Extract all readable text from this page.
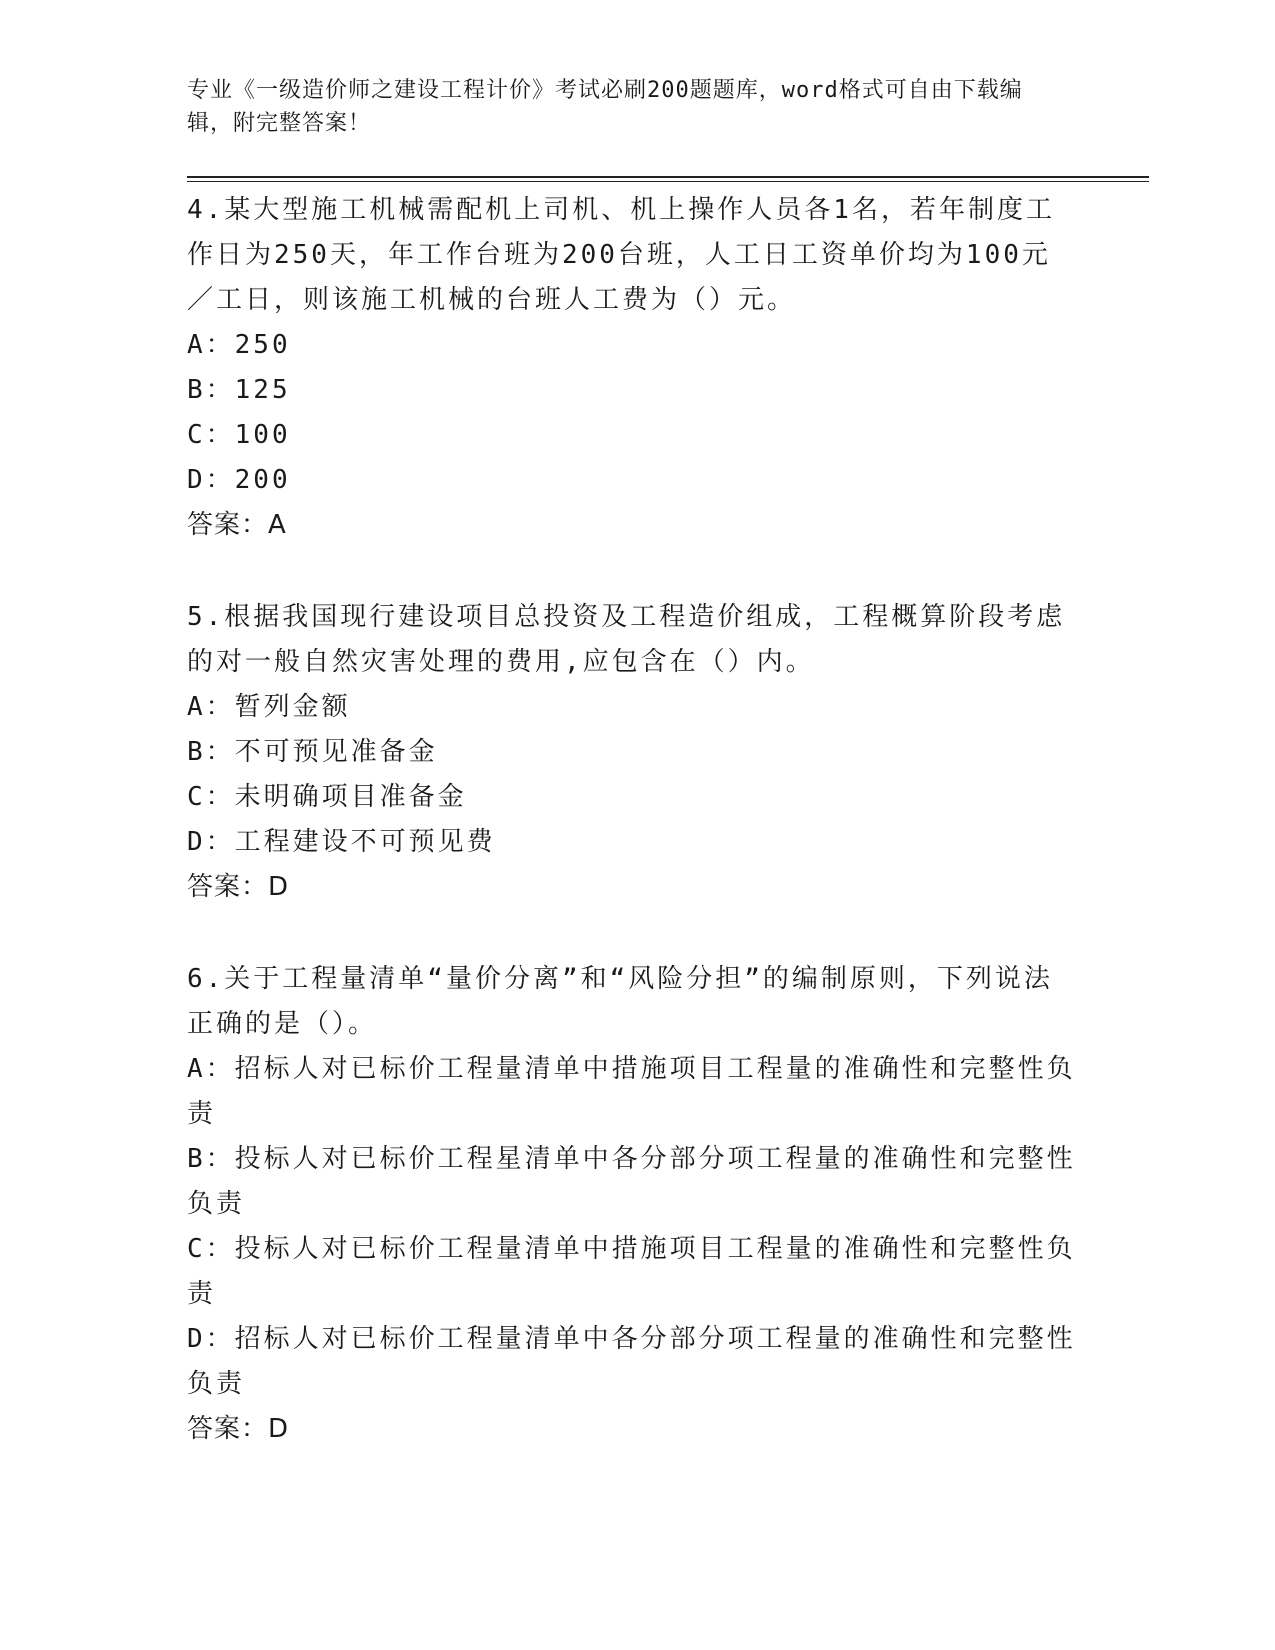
专业《一级造价师之建设工程计价》考试必刷200题题库，word格式可自由下载编辑，附完整答案！
4.某大型施工机械需配机上司机、机上操作人员各1名，若年制度工作日为250天，年工作台班为200台班，人工日工资单价均为100元／工日，则该施工机械的台班人工费为（）元。
A：250
B：125
C：100
D：200
答案：A
5.根据我国现行建设项目总投资及工程造价组成，工程概算阶段考虑的对一般自然灾害处理的费用,应包含在（）内。
A：暂列金额
B：不可预见准备金
C：未明确项目准备金
D：工程建设不可预见费
答案：D
6.关于工程量清单“量价分离”和“风险分担”的编制原则，下列说法正确的是（）。
A：招标人对已标价工程量清单中措施项目工程量的准确性和完整性负责
B：投标人对已标价工程星清单中各分部分项工程量的准确性和完整性负责
C：投标人对已标价工程量清单中措施项目工程量的准确性和完整性负责
D：招标人对已标价工程量清单中各分部分项工程量的准确性和完整性负责
答案：D
